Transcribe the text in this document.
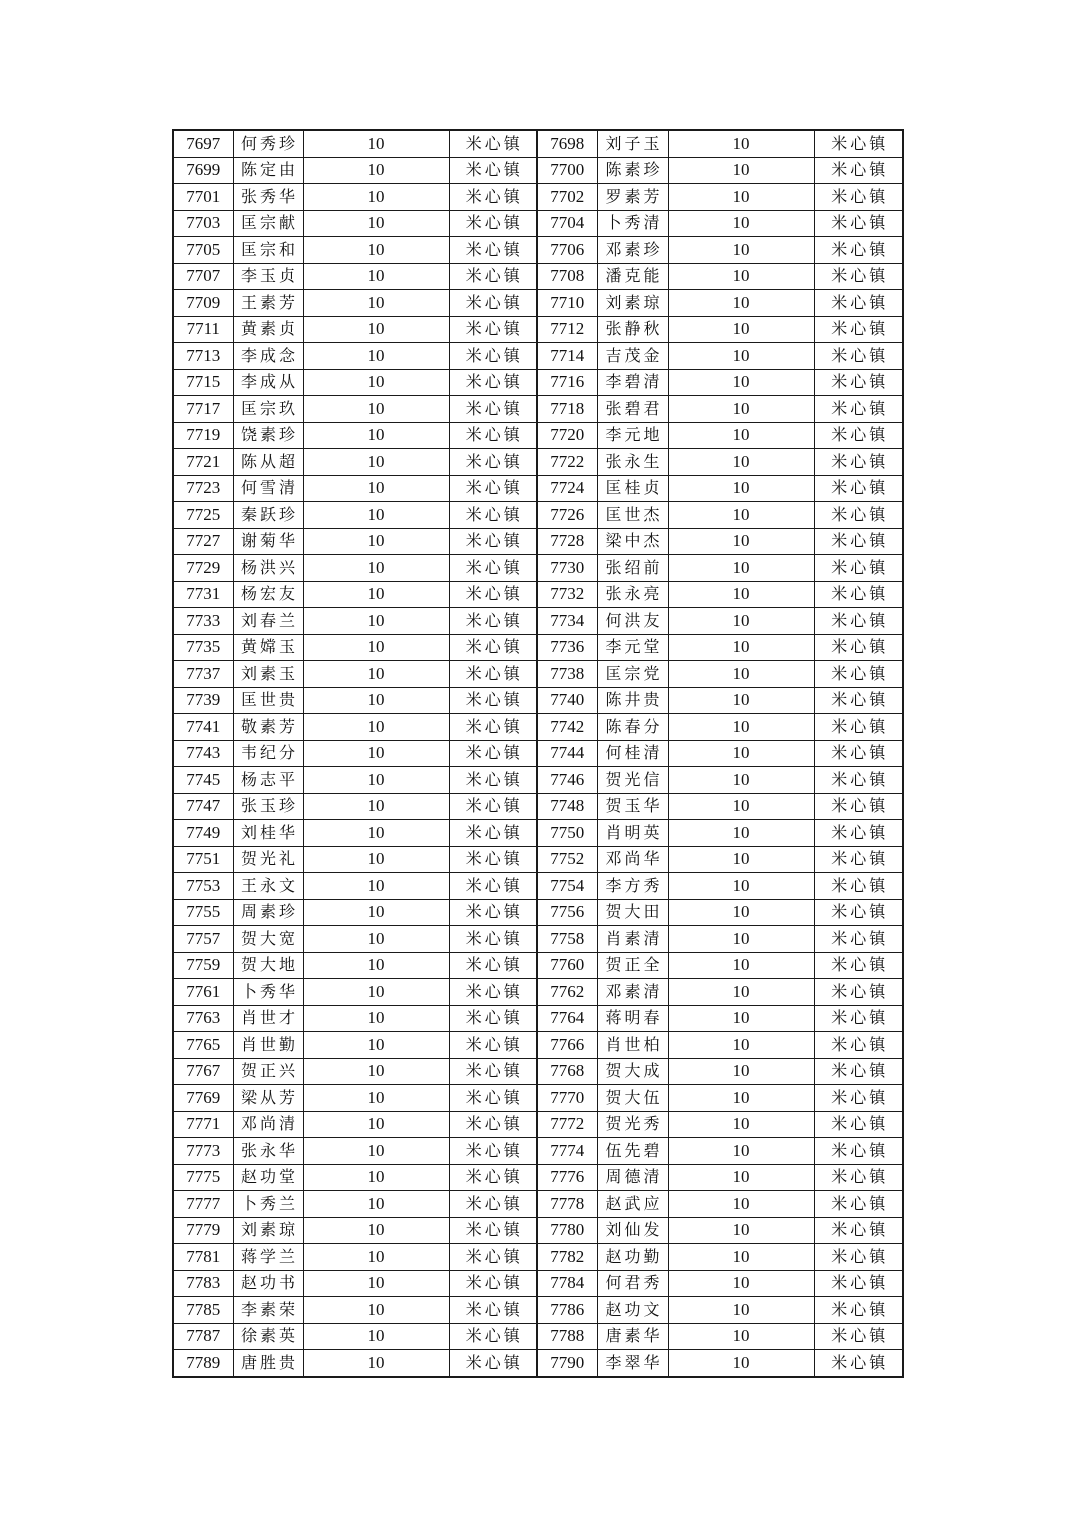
7697	何秀珍	10	米心镇	7698	刘子玉	10	米心镇
7699	陈定由	10	米心镇	7700	陈素珍	10	米心镇
7701	张秀华	10	米心镇	7702	罗素芳	10	米心镇
7703	匡宗献	10	米心镇	7704	卜秀清	10	米心镇
7705	匡宗和	10	米心镇	7706	邓素珍	10	米心镇
7707	李玉贞	10	米心镇	7708	潘克能	10	米心镇
7709	王素芳	10	米心镇	7710	刘素琼	10	米心镇
7711	黄素贞	10	米心镇	7712	张静秋	10	米心镇
7713	李成念	10	米心镇	7714	吉茂金	10	米心镇
7715	李成从	10	米心镇	7716	李碧清	10	米心镇
7717	匡宗玖	10	米心镇	7718	张碧君	10	米心镇
7719	饶素珍	10	米心镇	7720	李元地	10	米心镇
7721	陈从超	10	米心镇	7722	张永生	10	米心镇
7723	何雪清	10	米心镇	7724	匡桂贞	10	米心镇
7725	秦跃珍	10	米心镇	7726	匡世杰	10	米心镇
7727	谢菊华	10	米心镇	7728	梁中杰	10	米心镇
7729	杨洪兴	10	米心镇	7730	张绍前	10	米心镇
7731	杨宏友	10	米心镇	7732	张永亮	10	米心镇
7733	刘春兰	10	米心镇	7734	何洪友	10	米心镇
7735	黄嫦玉	10	米心镇	7736	李元堂	10	米心镇
7737	刘素玉	10	米心镇	7738	匡宗党	10	米心镇
7739	匡世贵	10	米心镇	7740	陈井贵	10	米心镇
7741	敬素芳	10	米心镇	7742	陈春分	10	米心镇
7743	韦纪分	10	米心镇	7744	何桂清	10	米心镇
7745	杨志平	10	米心镇	7746	贺光信	10	米心镇
7747	张玉珍	10	米心镇	7748	贺玉华	10	米心镇
7749	刘桂华	10	米心镇	7750	肖明英	10	米心镇
7751	贺光礼	10	米心镇	7752	邓尚华	10	米心镇
7753	王永文	10	米心镇	7754	李方秀	10	米心镇
7755	周素珍	10	米心镇	7756	贺大田	10	米心镇
7757	贺大宽	10	米心镇	7758	肖素清	10	米心镇
7759	贺大地	10	米心镇	7760	贺正全	10	米心镇
7761	卜秀华	10	米心镇	7762	邓素清	10	米心镇
7763	肖世才	10	米心镇	7764	蒋明春	10	米心镇
7765	肖世勤	10	米心镇	7766	肖世柏	10	米心镇
7767	贺正兴	10	米心镇	7768	贺大成	10	米心镇
7769	梁从芳	10	米心镇	7770	贺大伍	10	米心镇
7771	邓尚清	10	米心镇	7772	贺光秀	10	米心镇
7773	张永华	10	米心镇	7774	伍先碧	10	米心镇
7775	赵功堂	10	米心镇	7776	周德清	10	米心镇
7777	卜秀兰	10	米心镇	7778	赵武应	10	米心镇
7779	刘素琼	10	米心镇	7780	刘仙发	10	米心镇
7781	蒋学兰	10	米心镇	7782	赵功勤	10	米心镇
7783	赵功书	10	米心镇	7784	何君秀	10	米心镇
7785	李素荣	10	米心镇	7786	赵功文	10	米心镇
7787	徐素英	10	米心镇	7788	唐素华	10	米心镇
7789	唐胜贵	10	米心镇	7790	李翠华	10	米心镇
